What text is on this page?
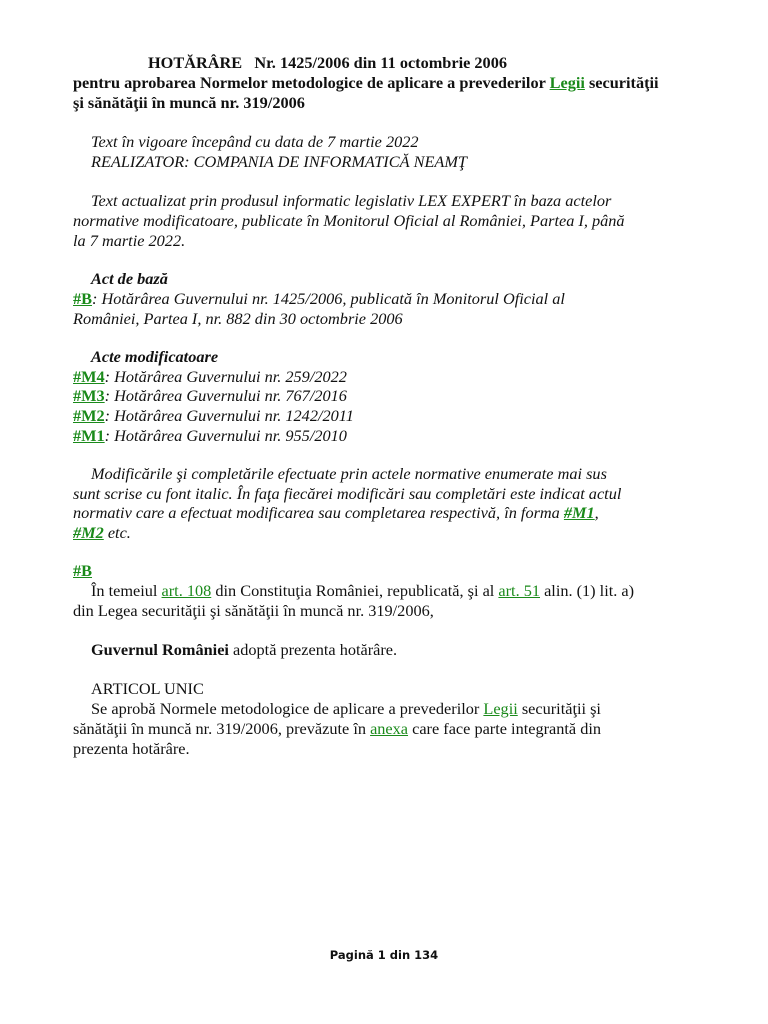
HOTĂRÂRE Nr. 1425/2006 din 11 octombrie 2006
pentru aprobarea Normelor metodologice de aplicare a prevederilor Legii securităţii
şi sănătăţii în muncă nr. 319/2006
Text în vigoare începând cu data de 7 martie 2022
REALIZATOR: COMPANIA DE INFORMATICĂ NEAMŢ
Text actualizat prin produsul informatic legislativ LEX EXPERT în baza actelor
normative modificatoare, publicate în Monitorul Oficial al României, Partea I, până
la 7 martie 2022.
Act de bază
#B: Hotărârea Guvernului nr. 1425/2006, publicată în Monitorul Oficial al
României, Partea I, nr. 882 din 30 octombrie 2006
Acte modificatoare
#M4: Hotărârea Guvernului nr. 259/2022
#M3: Hotărârea Guvernului nr. 767/2016
#M2: Hotărârea Guvernului nr. 1242/2011
#M1: Hotărârea Guvernului nr. 955/2010
Modificările şi completările efectuate prin actele normative enumerate mai sus
sunt scrise cu font italic. În faţa fiecărei modificări sau completări este indicat actul
normativ care a efectuat modificarea sau completarea respectivă, în forma #M1,
#M2 etc.
#B
În temeiul art. 108 din Constituţia României, republicată, şi al art. 51 alin. (1) lit. a)
din Legea securităţii şi sănătăţii în muncă nr. 319/2006,
Guvernul României adoptă prezenta hotărâre.
ARTICOL UNIC
Se aprobă Normele metodologice de aplicare a prevederilor Legii securităţii şi
sănătăţii în muncă nr. 319/2006, prevăzute în anexa care face parte integrantă din
prezenta hotărâre.
Pagină 1 din 134
